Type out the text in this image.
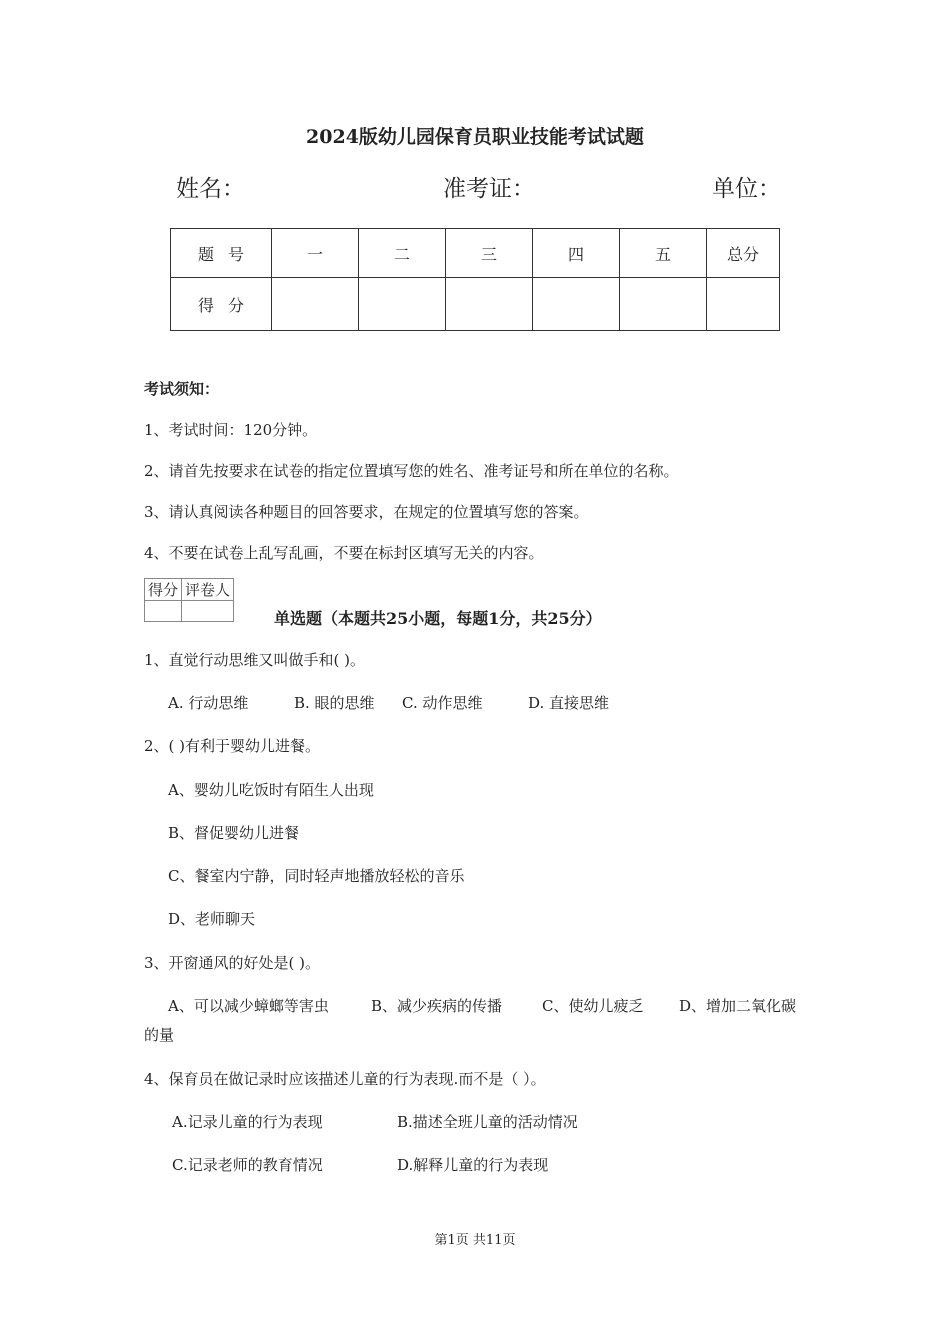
2024版幼儿园保育员职业技能考试试题
姓名：	准考证：	单位：
题号	一	二	三	四	五	总分
得分						
考试须知：
1、考试时间：120分钟。
2、请首先按要求在试卷的指定位置填写您的姓名、准考证号和所在单位的名称。
3、请认真阅读各种题目的回答要求，在规定的位置填写您的答案。
4、不要在试卷上乱写乱画，不要在标封区填写无关的内容。
得分	评卷人

单选题（本题共25小题，每题1分，共25分）
1、直觉行动思维又叫做手和( )。
A. 行动思维	B. 眼的思维 C. 动作思维	D. 直接思维
2、( )有利于婴幼儿进餐。
A、婴幼儿吃饭时有陌生人出现
B、督促婴幼儿进餐
C、餐室内宁静，同时轻声地播放轻松的音乐
D、老师聊天
3、开窗通风的好处是( )。
A、可以减少蟑螂等害虫	B、减少疾病的传播	C、使幼儿疲乏 D、增加二氧化碳
的量
4、保育员在做记录时应该描述儿童的行为表现.而不是（ ）。
A.记录儿童的行为表现	B.描述全班儿童的活动情况
C.记录老师的教育情况	D.解释儿童的行为表现
第1页 共11页
